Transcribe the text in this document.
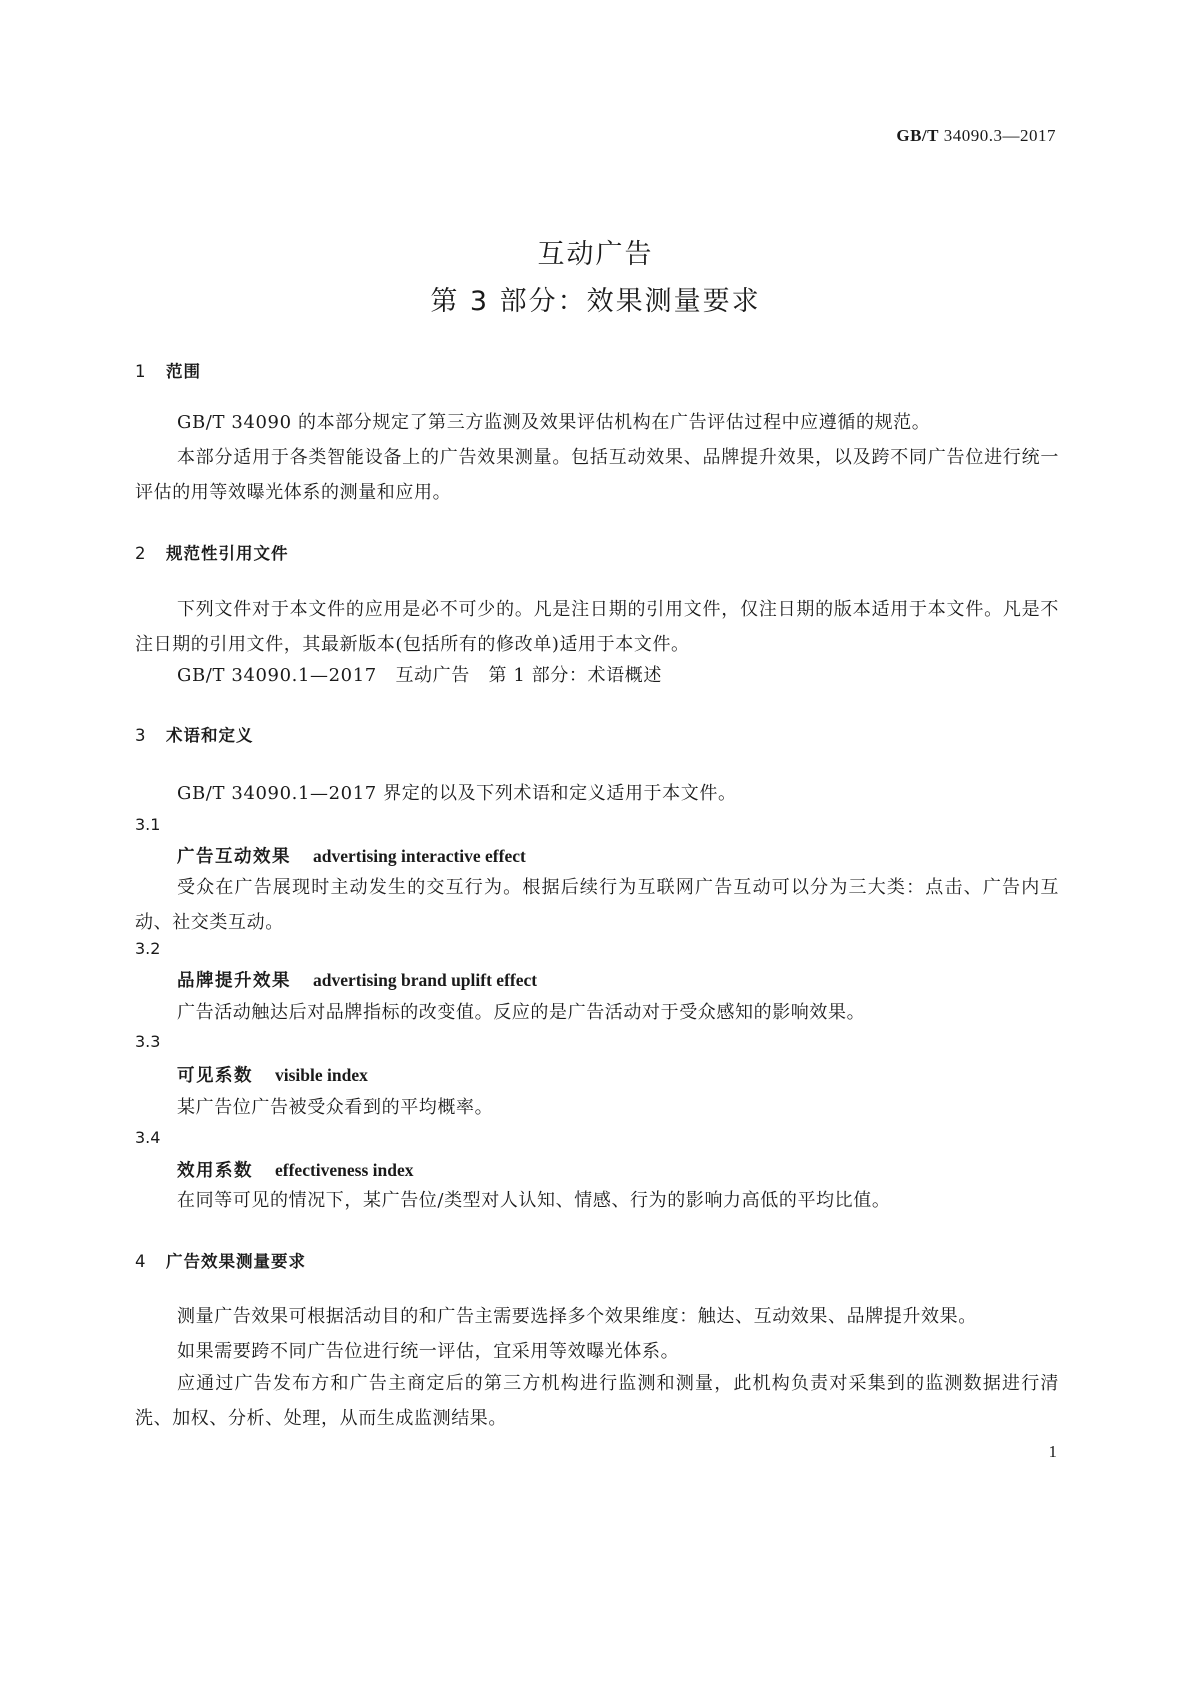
GB/T 34090.3—2017
互动广告
第 3 部分：效果测量要求
1 范围
GB/T 34090 的本部分规定了第三方监测及效果评估机构在广告评估过程中应遵循的规范。
本部分适用于各类智能设备上的广告效果测量。包括互动效果、品牌提升效果，以及跨不同广告位进行统一评估的用等效曝光体系的测量和应用。
2 规范性引用文件
下列文件对于本文件的应用是必不可少的。凡是注日期的引用文件，仅注日期的版本适用于本文件。凡是不注日期的引用文件，其最新版本(包括所有的修改单)适用于本文件。
GB/T 34090.1—2017　互动广告　第 1 部分：术语概述
3 术语和定义
GB/T 34090.1—2017 界定的以及下列术语和定义适用于本文件。
3.1
广告互动效果 advertising interactive effect
受众在广告展现时主动发生的交互行为。根据后续行为互联网广告互动可以分为三大类：点击、广告内互动、社交类互动。
3.2
品牌提升效果 advertising brand uplift effect
广告活动触达后对品牌指标的改变值。反应的是广告活动对于受众感知的影响效果。
3.3
可见系数 visible index
某广告位广告被受众看到的平均概率。
3.4
效用系数 effectiveness index
在同等可见的情况下，某广告位/类型对人认知、情感、行为的影响力高低的平均比值。
4 广告效果测量要求
测量广告效果可根据活动目的和广告主需要选择多个效果维度：触达、互动效果、品牌提升效果。
如果需要跨不同广告位进行统一评估，宜采用等效曝光体系。
应通过广告发布方和广告主商定后的第三方机构进行监测和测量，此机构负责对采集到的监测数据进行清洗、加权、分析、处理，从而生成监测结果。
1
